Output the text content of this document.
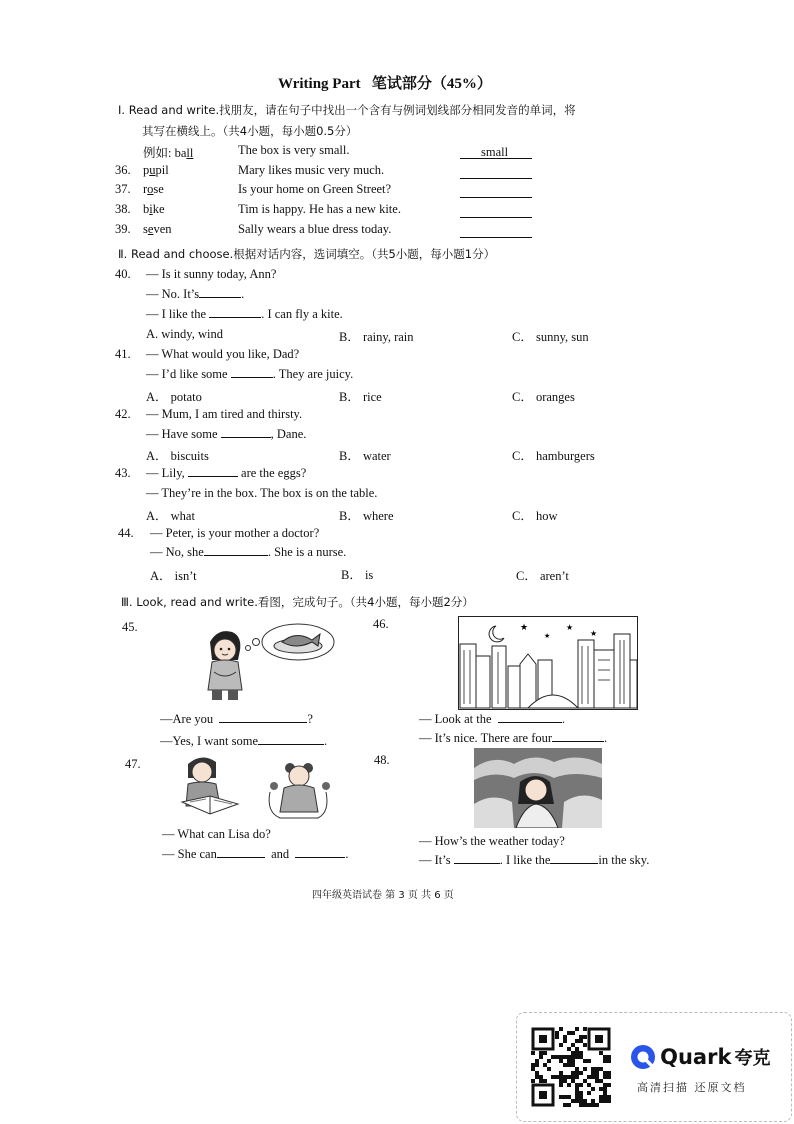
Writing Part 笔试部分（45%）
Ⅰ. Read and write.找朋友，请在句子中找出一个含有与例词划线部分相同发音的单词，将
其写在横线上。（共4小题，每小题0.5分）
例如: ball	The box is very small.	small
36. pupil	Mary likes music very much.
37. rose	Is your home on Green Street?
38. bike	Tim is happy. He has a new kite.
39. seven	Sally wears a blue dress today.
Ⅱ. Read and choose.根据对话内容，选词填空。（共5小题，每小题1分）
40. — Is it sunny today, Ann?
— No. It’s	.
— I like the	. I can fly a kite.
A. windy, wind	B． rainy, rain	C． sunny, sun
41. — What would you like, Dad?
— I’d like some	. They are juicy.
A． potato	B． rice	C． oranges
42. — Mum, I am tired and thirsty.
— Have some	, Dane.
A． biscuits	B． water	C． hamburgers
43. — Lily,	are the eggs?
— They’re in the box. The box is on the table.
A． what	B． where	C． how
44. — Peter, is your mother a doctor?
— No, she	. She is a nurse.
A． isn’t	B． is	C． aren’t
Ⅲ. Look, read and write.看图，完成句子。（共4小题，每小题2分）
45.
—Are you	?
—Yes, I want some	.
46.	★
★
★
★
— Look at the	.
— It’s nice. There are four	.
47.
— What can Lisa do?
— She can	and	.
48.
— How’s the weather today?
— It’s	. I like the	in the sky.
四年级英语试卷 第 3 页 共 6 页
Quark 夸克
高清扫描 还原文档
